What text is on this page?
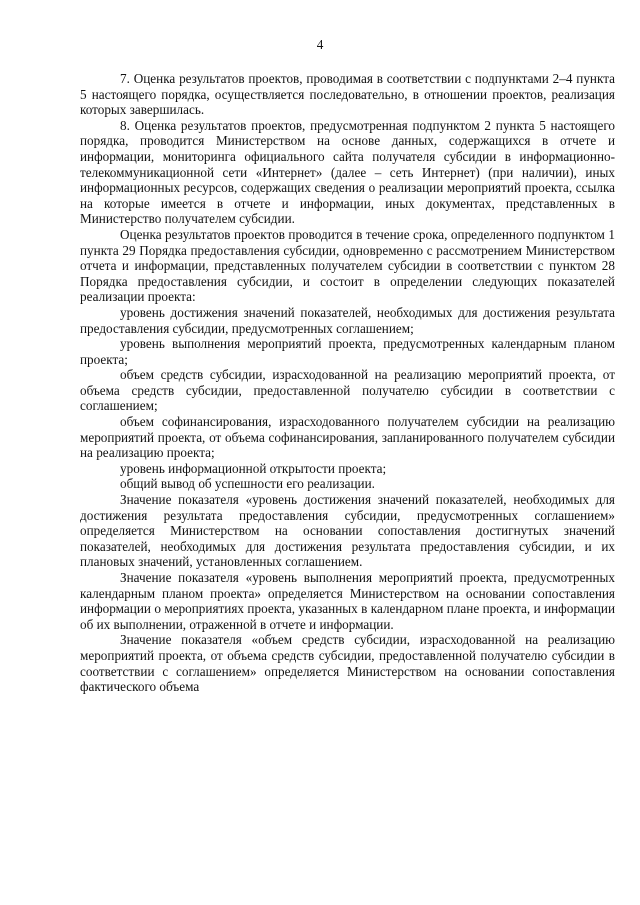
4

7. Оценка результатов проектов, проводимая в соответствии с подпунктами 2–4 пункта 5 настоящего порядка, осуществляется последовательно, в отношении проектов, реализация которых завершилась.

8. Оценка результатов проектов, предусмотренная подпунктом 2 пункта 5 настоящего порядка, проводится Министерством на основе данных, содержащихся в отчете и информации, мониторинга официального сайта получателя субсидии в информационно-телекоммуникационной сети «Интернет» (далее – сеть Интернет) (при наличии), иных информационных ресурсов, содержащих сведения о реализации мероприятий проекта, ссылка на которые имеется в отчете и информации, иных документах, представленных в Министерство получателем субсидии.

Оценка результатов проектов проводится в течение срока, определенного подпунктом 1 пункта 29 Порядка предоставления субсидии, одновременно с рассмотрением Министерством отчета и информации, представленных получателем субсидии в соответствии с пунктом 28 Порядка предоставления субсидии, и состоит в определении следующих показателей реализации проекта:

уровень достижения значений показателей, необходимых для достижения результата предоставления субсидии, предусмотренных соглашением;

уровень выполнения мероприятий проекта, предусмотренных календарным планом проекта;

объем средств субсидии, израсходованной на реализацию мероприятий проекта, от объема средств субсидии, предоставленной получателю субсидии в соответствии с соглашением;

объем софинансирования, израсходованного получателем субсидии на реализацию мероприятий проекта, от объема софинансирования, запланированного получателем субсидии на реализацию проекта;

уровень информационной открытости проекта;

общий вывод об успешности его реализации.

Значение показателя «уровень достижения значений показателей, необходимых для достижения результата предоставления субсидии, предусмотренных соглашением» определяется Министерством на основании сопоставления достигнутых значений показателей, необходимых для достижения результата предоставления субсидии, и их плановых значений, установленных соглашением.

Значение показателя «уровень выполнения мероприятий проекта, предусмотренных календарным планом проекта» определяется Министерством на основании сопоставления информации о мероприятиях проекта, указанных в календарном плане проекта, и информации об их выполнении, отраженной в отчете и информации.

Значение показателя «объем средств субсидии, израсходованной на реализацию мероприятий проекта, от объема средств субсидии, предоставленной получателю субсидии в соответствии с соглашением» определяется Министерством на основании сопоставления фактического объема
